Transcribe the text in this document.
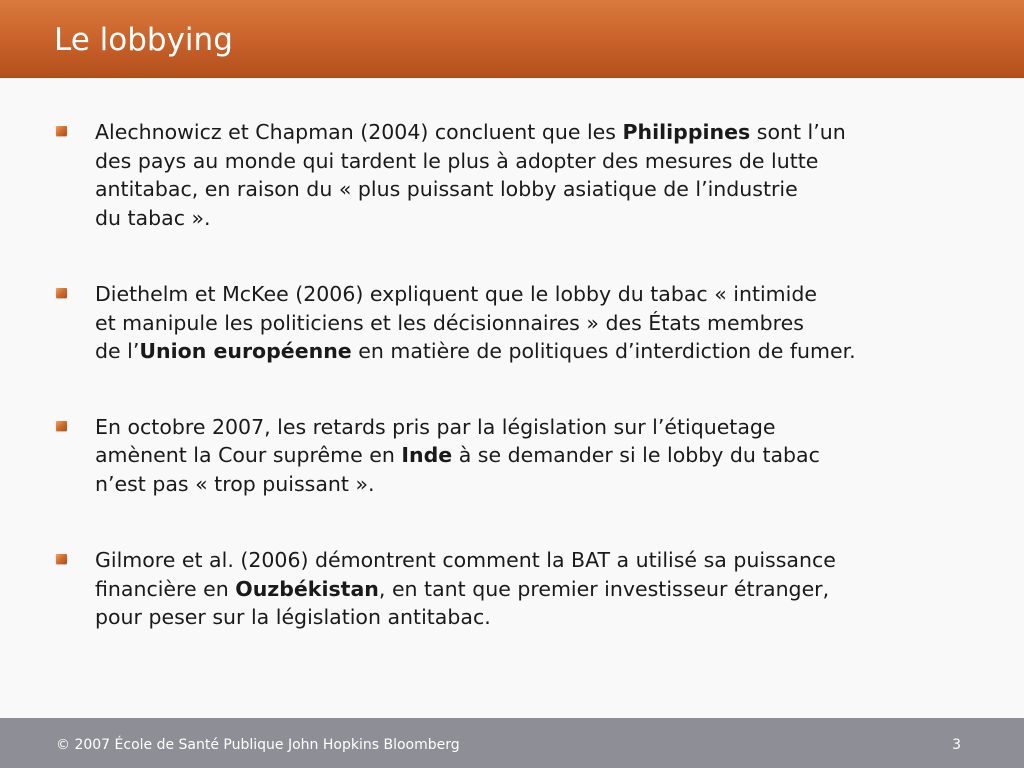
Le lobbying
Alechnowicz et Chapman (2004) concluent que les Philippines sont l’un
des pays au monde qui tardent le plus à adopter des mesures de lutte
antitabac, en raison du « plus puissant lobby asiatique de l’industrie
du tabac ».
Diethelm et McKee (2006) expliquent que le lobby du tabac « intimide
et manipule les politiciens et les décisionnaires » des États membres
de l’Union européenne en matière de politiques d’interdiction de fumer.
En octobre 2007, les retards pris par la législation sur l’étiquetage
amènent la Cour suprême en Inde à se demander si le lobby du tabac
n’est pas « trop puissant ».
Gilmore et al. (2006) démontrent comment la BAT a utilisé sa puissance
financière en Ouzbékistan, en tant que premier investisseur étranger,
pour peser sur la législation antitabac.
© 2007 École de Santé Publique John Hopkins Bloomberg	3
